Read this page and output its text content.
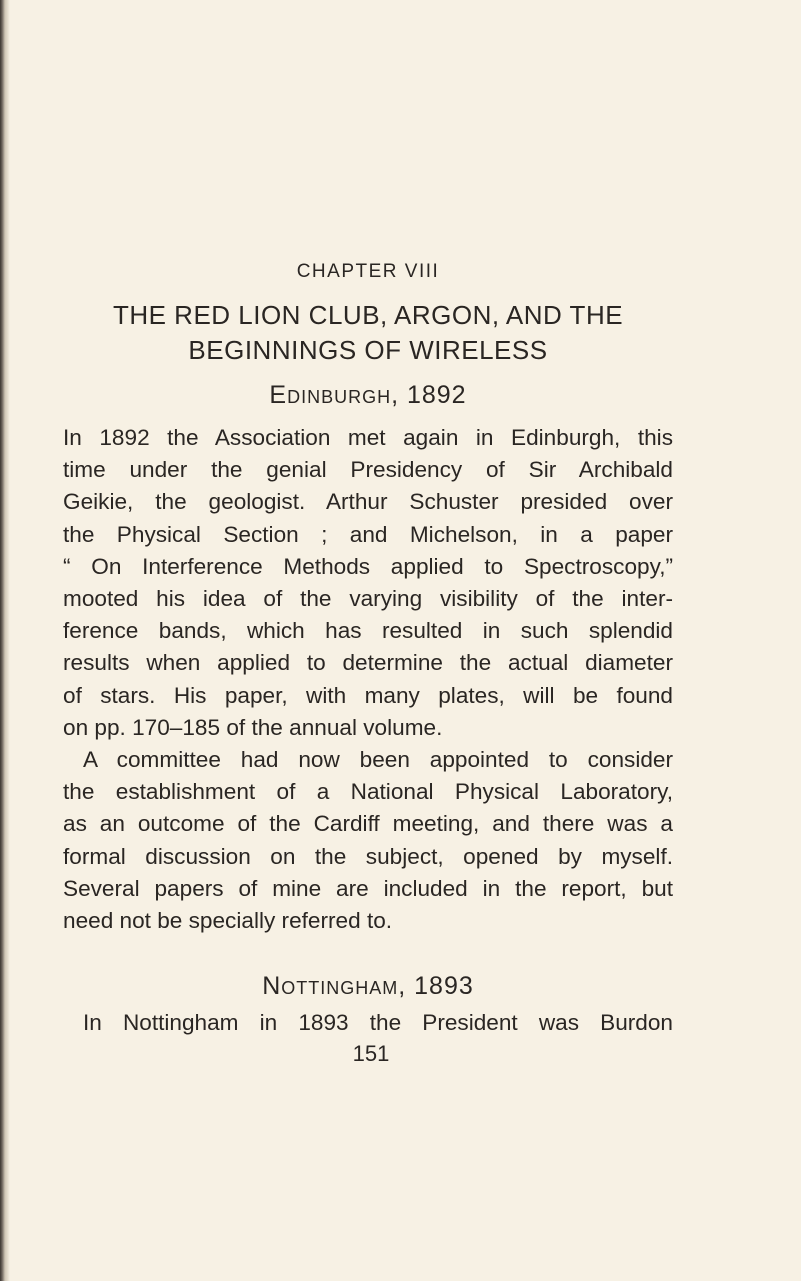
CHAPTER VIII
THE RED LION CLUB, ARGON, AND THE
BEGINNINGS OF WIRELESS
Edinburgh, 1892

In 1892 the Association met again in Edinburgh, this
time under the genial Presidency of Sir Archibald
Geikie, the geologist. Arthur Schuster presided over
the Physical Section ; and Michelson, in a paper
“ On Interference Methods applied to Spectroscopy,”
mooted his idea of the varying visibility of the inter-
ference bands, which has resulted in such splendid
results when applied to determine the actual diameter
of stars. His paper, with many plates, will be found
on pp. 170–185 of the annual volume.

A committee had now been appointed to consider
the establishment of a National Physical Laboratory,
as an outcome of the Cardiff meeting, and there was a
formal discussion on the subject, opened by myself.
Several papers of mine are included in the report, but
need not be specially referred to.

Nottingham, 1893

In Nottingham in 1893 the President was Burdon

151
